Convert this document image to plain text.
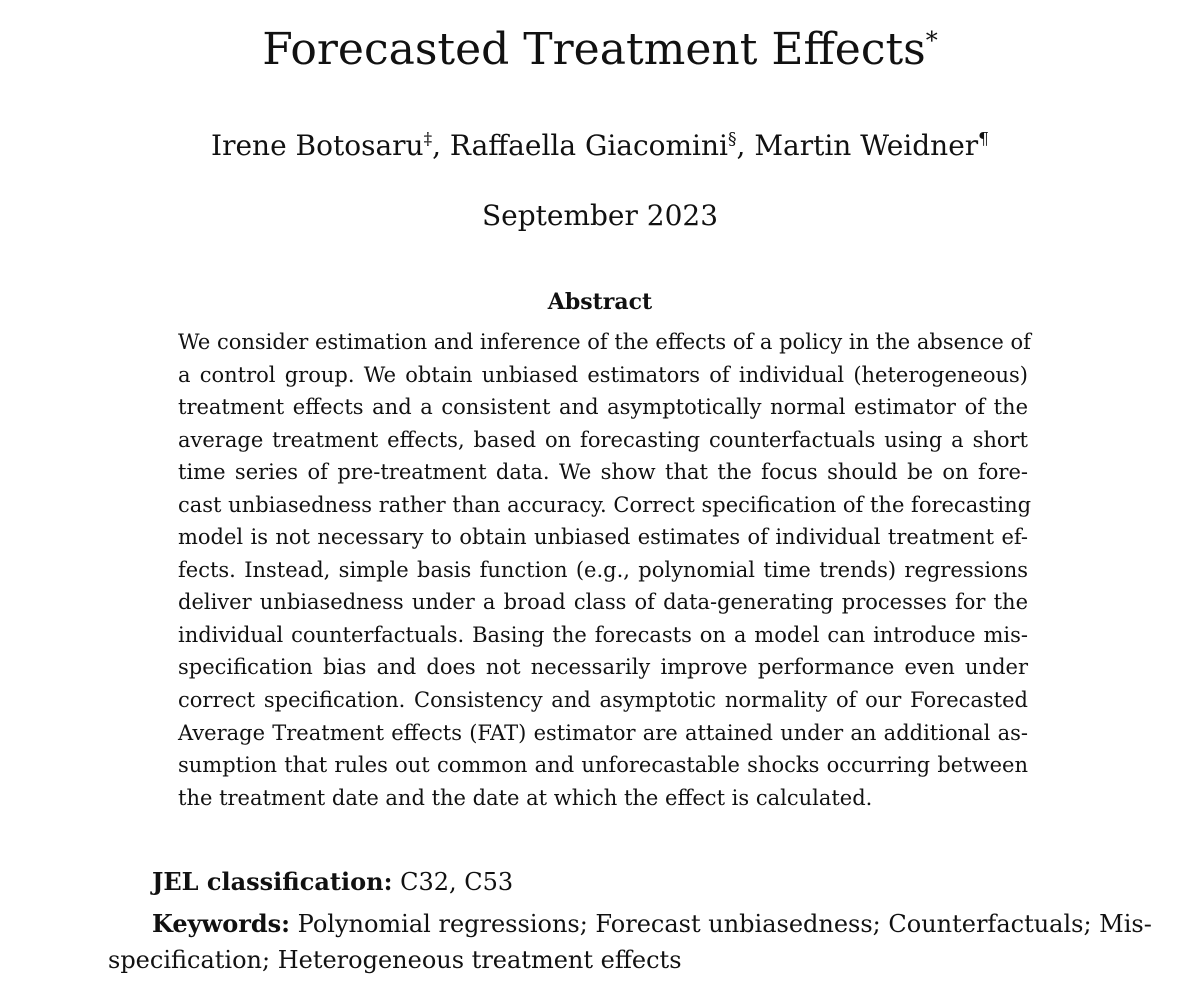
Forecasted Treatment Effects*
Irene Botosaru‡, Raffaella Giacomini§, Martin Weidner¶
September 2023
Abstract
We consider estimation and inference of the effects of a policy in the absence of
a control group. We obtain unbiased estimators of individual (heterogeneous)
treatment effects and a consistent and asymptotically normal estimator of the
average treatment effects, based on forecasting counterfactuals using a short
time series of pre-treatment data. We show that the focus should be on fore-
cast unbiasedness rather than accuracy. Correct specification of the forecasting
model is not necessary to obtain unbiased estimates of individual treatment ef-
fects. Instead, simple basis function (e.g., polynomial time trends) regressions
deliver unbiasedness under a broad class of data-generating processes for the
individual counterfactuals. Basing the forecasts on a model can introduce mis-
specification bias and does not necessarily improve performance even under
correct specification. Consistency and asymptotic normality of our Forecasted
Average Treatment effects (FAT) estimator are attained under an additional as-
sumption that rules out common and unforecastable shocks occurring between
the treatment date and the date at which the effect is calculated.
JEL classification: C32, C53
Keywords: Polynomial regressions; Forecast unbiasedness; Counterfactuals; Mis-
specification; Heterogeneous treatment effects
